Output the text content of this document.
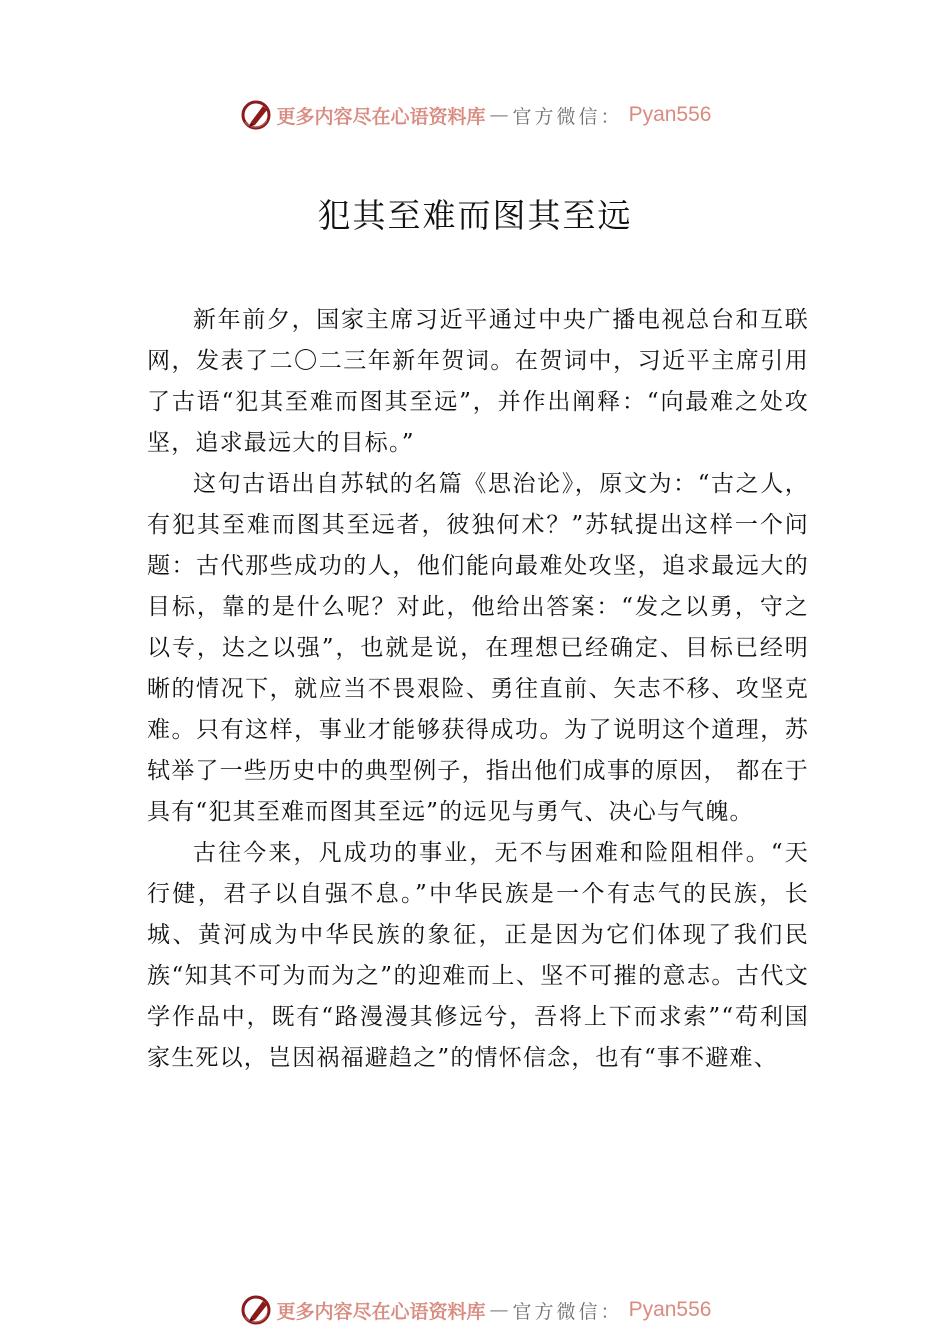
更多内容尽在心语资料库 — 官方微信： Pyan556
犯其至难而图其至远

新年前夕，国家主席习近平通过中央广播电视总台和互联网，发表了二〇二三年新年贺词。在贺词中，习近平主席引用了古语“犯其至难而图其至远”，并作出阐释：“向最难之处攻坚，追求最远大的目标。”

这句古语出自苏轼的名篇《思治论》，原文为：“古之人，有犯其至难而图其至远者，彼独何术？”苏轼提出这样一个问题：古代那些成功的人，他们能向最难处攻坚，追求最远大的目标，靠的是什么呢？对此，他给出答案：“发之以勇，守之以专，达之以强”，也就是说，在理想已经确定、目标已经明晰的情况下，就应当不畏艰险、勇往直前、矢志不移、攻坚克难。只有这样，事业才能够获得成功。为了说明这个道理，苏轼举了一些历史中的典型例子，指出他们成事的原因， 都在于具有“犯其至难而图其至远”的远见与勇气、决心与气魄。

古往今来，凡成功的事业，无不与困难和险阻相伴。“天行健，君子以自强不息。”中华民族是一个有志气的民族，长城、黄河成为中华民族的象征，正是因为它们体现了我们民族“知其不可为而为之”的迎难而上、坚不可摧的意志。古代文学作品中，既有“路漫漫其修远兮，吾将上下而求索”“苟利国家生死以，岂因祸福避趋之”的情怀信念，也有“事不避难、

更多内容尽在心语资料库 — 官方微信： Pyan556
